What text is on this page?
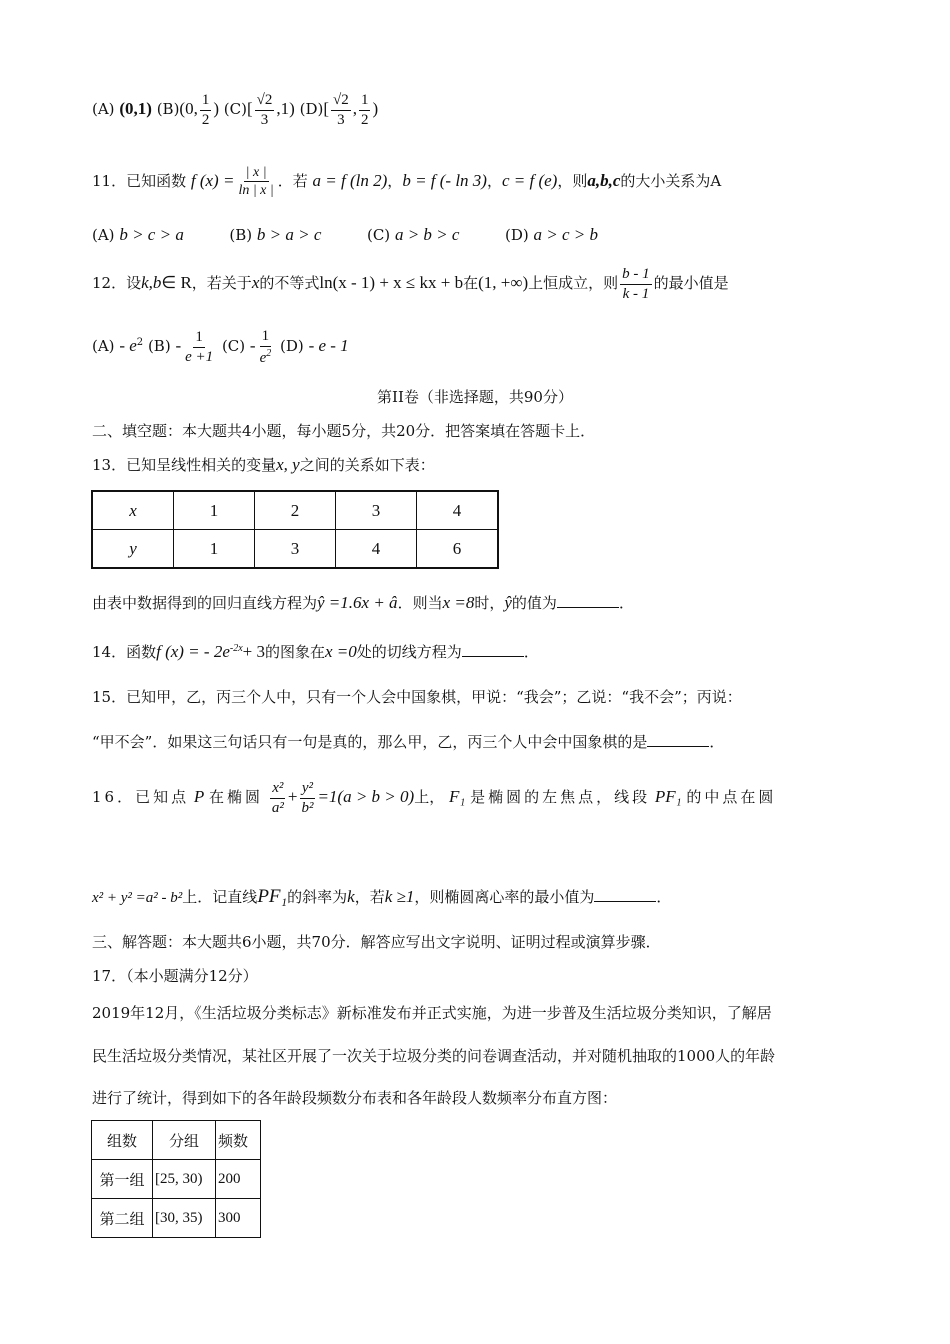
(A) (0,1) (B)(0, $\frac{1}{2}$ ) $(C)[ \frac{√2}{3} ,1)$ $(D)[ \frac{√2}{3}$ , $\frac{1}{2}$ )
11．已知函数 f $(x) = \frac{| x |}{\ln | x |}$ ．若 a = f (ln 2)，b = f (- ln 3)，c = f (e)，则a,b,c的大小关系为A
(A) b > c > a	(B) b > a > c	(C) a > b > c	(D) a > c > b
12．设k,b∈ R，若关于x的不等式ln(x - 1) + x ≤ kx + b在(1, +∞)上恒成立，则 $\frac{b - 1}{k - 1}$ 的最小值是
$(A) - e^2$ $(B) - \frac{1}{e +1} (C) - \frac{1}{e^2} (D)$ - e - 1
第II卷（非选择题，共90分）
二、填空题：本大题共4小题，每小题5分，共20分．把答案填在答题卡上．
13．已知呈线性相关的变量x, y之间的关系如下表：
x	1	2	3	4
y	1	3	4	6
由表中数据得到的回归直线方程为ŷ =1.6x + â．则当x =8时，ŷ的值为	．
14．函数f (x) = - $2e^{-2x}+ 3$的图象在x =0处的切线方程为	．
15．已知甲，乙，丙三个人中，只有一个人会中国象棋，甲说：“我会”；乙说：“我不会”；丙说：
“甲不会”．如果这三句话只有一句是真的，那么甲，乙，丙三个人中会中国象棋的是	．
16．已知点 P 在椭圆 $\frac{\text{x²}}{\text{a²}} + \frac{\text{y²}}{\text{b²}} =1(a > b > 0)$上， F₁ 是椭圆的左焦点，线段 PF₁ 的中点在圆
x² + y² =a² - b²上．记直线PF₁的斜率为k，若k ≥1，则椭圆离心率的最小值为	．
三、解答题：本大题共6小题，共70分．解答应写出文字说明、证明过程或演算步骤．
17．（本小题满分12分）
2019年12月，《生活垃圾分类标志》新标准发布并正式实施，为进一步普及生活垃圾分类知识，了解居
民生活垃圾分类情况，某社区开展了一次关于垃圾分类的问卷调查活动，并对随机抽取的1000人的年龄
进行了统计，得到如下的各年龄段频数分布表和各年龄段人数频率分布直方图：
组数	分组	频数
第一组	[25, 30)	200
第二组	[30, 35)	300
